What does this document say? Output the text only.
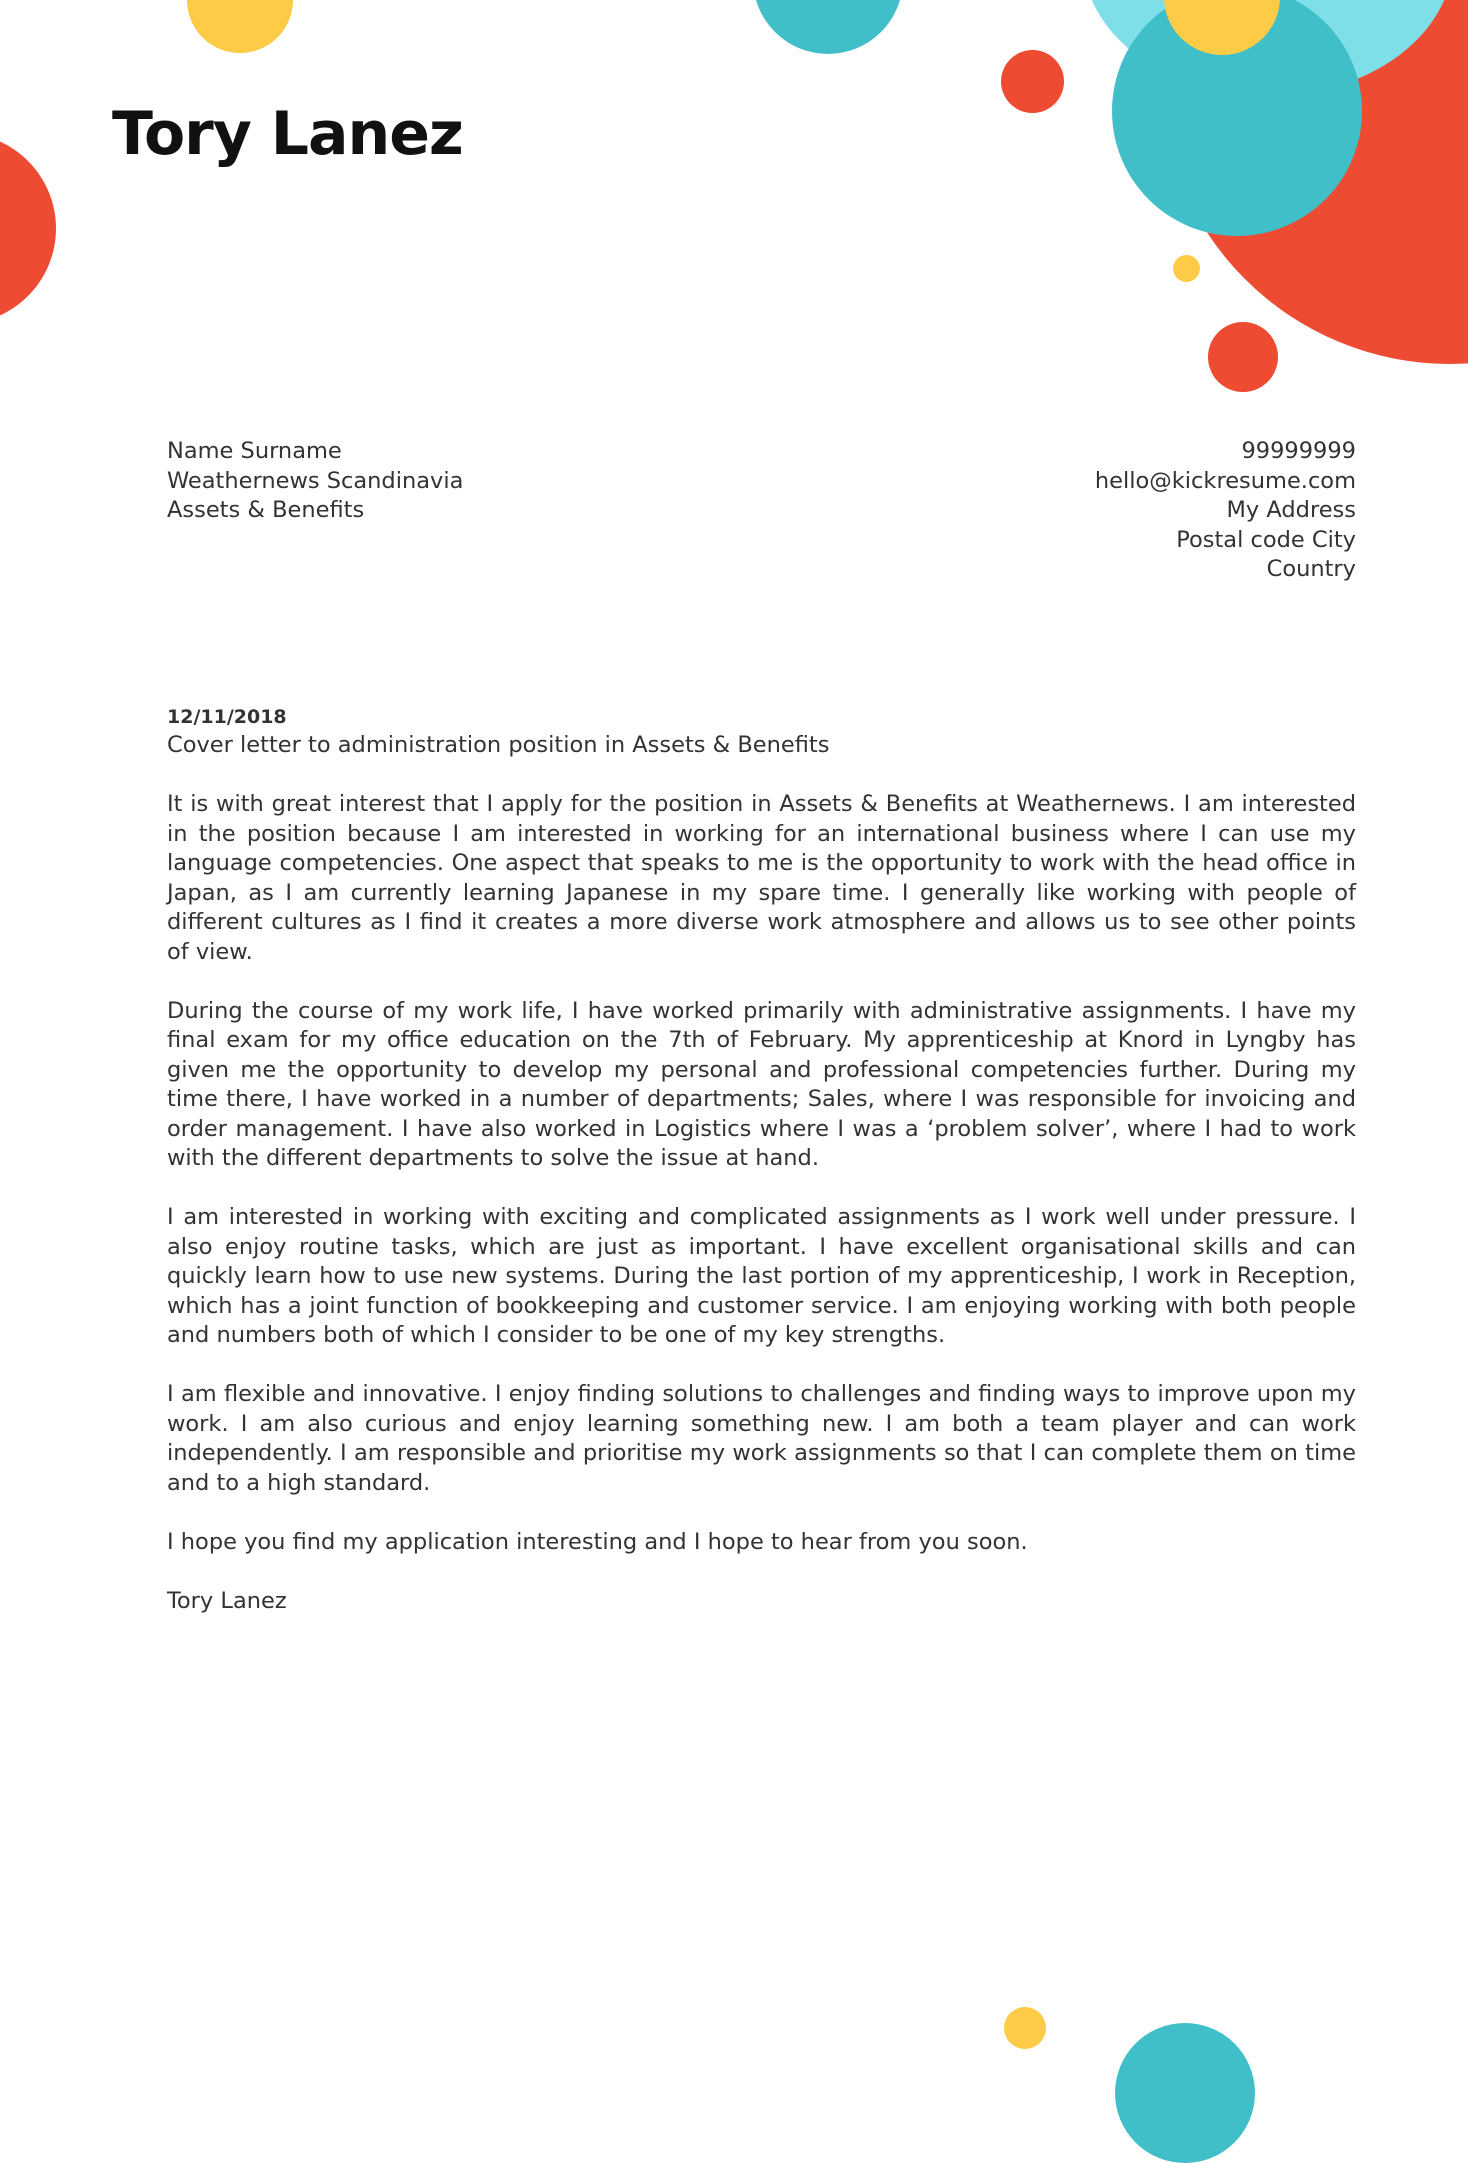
Tory Lanez
Name Surname
Weathernews Scandinavia
Assets & Benefits
99999999
hello@kickresume.com
My Address
Postal code City
Country
12/11/2018
Cover letter to administration position in Assets & Benefits

It is with great interest that I apply for the position in Assets & Benefits at Weathernews. I am interested in the position because I am interested in working for an international business where I can use my language competencies. One aspect that speaks to me is the opportunity to work with the head office in Japan, as I am currently learning Japanese in my spare time. I generally like working with people of different cultures as I find it creates a more diverse work atmosphere and allows us to see other points of view.

During the course of my work life, I have worked primarily with administrative assignments. I have my final exam for my office education on the 7th of February. My apprenticeship at Knord in Lyngby has given me the opportunity to develop my personal and professional competencies further. During my time there, I have worked in a number of departments; Sales, where I was responsible for invoicing and order management. I have also worked in Logistics where I was a ‘problem solver’, where I had to work with the different departments to solve the issue at hand.

I am interested in working with exciting and complicated assignments as I work well under pressure. I also enjoy routine tasks, which are just as important. I have excellent organisational skills and can quickly learn how to use new systems. During the last portion of my apprenticeship, I work in Reception, which has a joint function of bookkeeping and customer service. I am enjoying working with both people and numbers both of which I consider to be one of my key strengths.

I am flexible and innovative. I enjoy finding solutions to challenges and finding ways to improve upon my work. I am also curious and enjoy learning something new. I am both a team player and can work independently. I am responsible and prioritise my work assignments so that I can complete them on time and to a high standard.

I hope you find my application interesting and I hope to hear from you soon.

Tory Lanez
